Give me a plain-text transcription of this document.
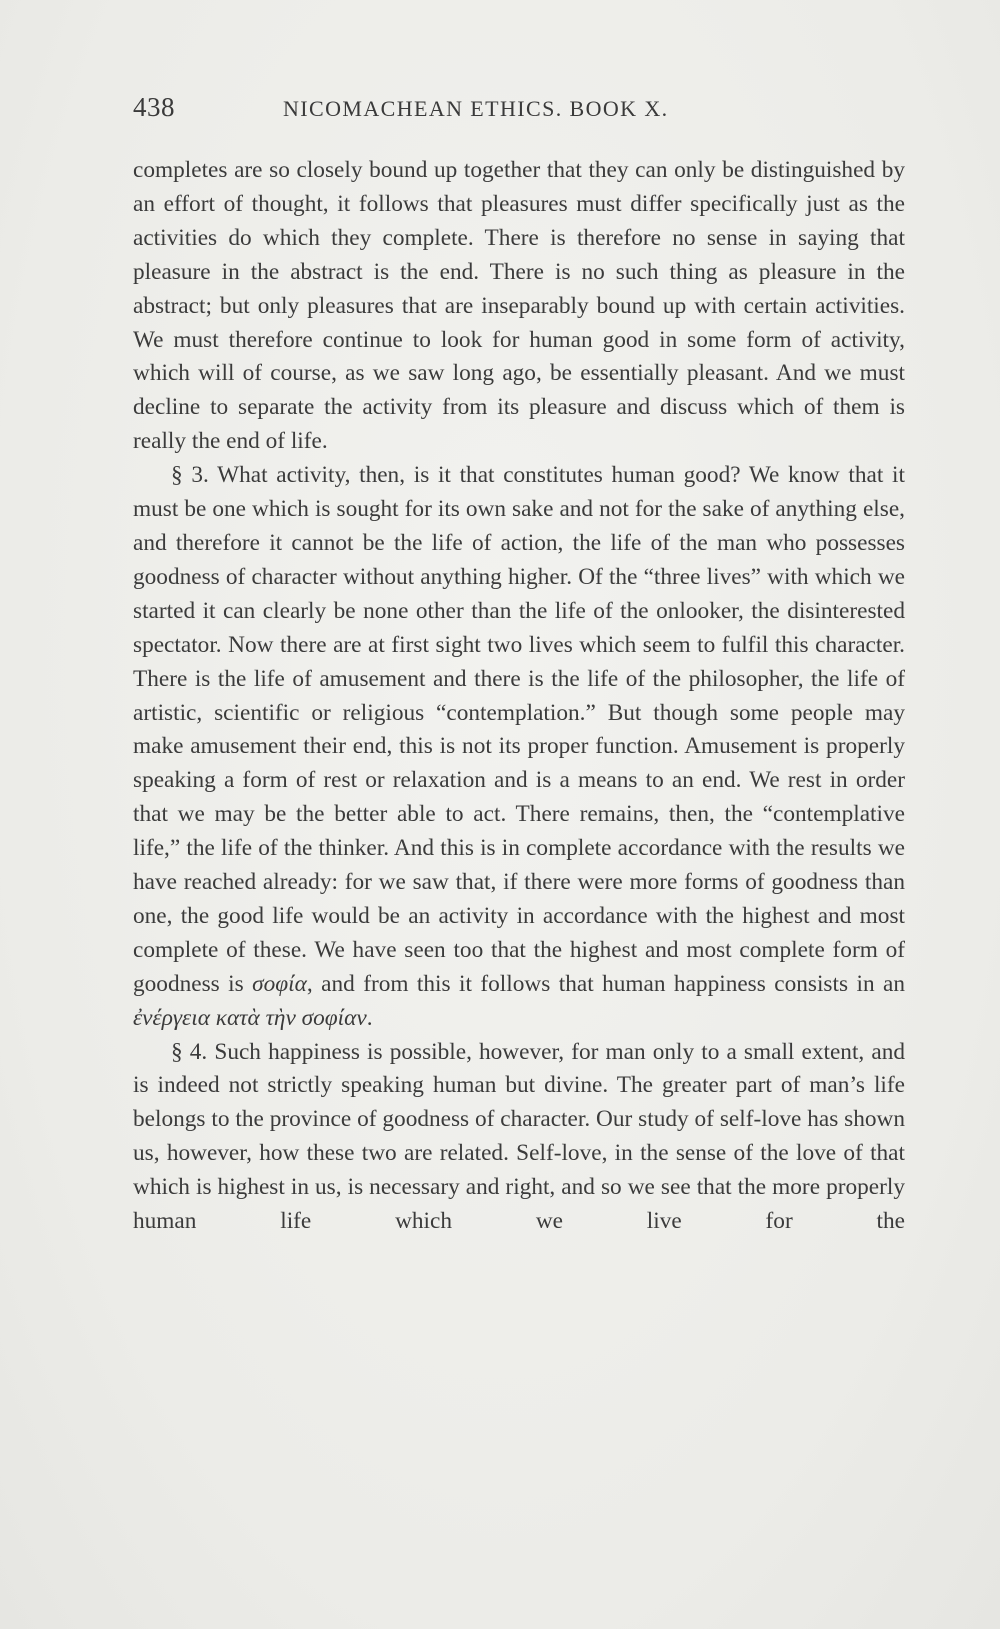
438	NICOMACHEAN ETHICS. BOOK X.

completes are so closely bound up together that they can only be distinguished by an effort of thought, it follows that pleasures must differ specifically just as the activities do which they complete. There is therefore no sense in saying that pleasure in the abstract is the end. There is no such thing as pleasure in the abstract; but only pleasures that are inseparably bound up with certain activities. We must therefore continue to look for human good in some form of activity, which will of course, as we saw long ago, be essentially pleasant. And we must decline to separate the activity from its pleasure and discuss which of them is really the end of life.

§ 3. What activity, then, is it that constitutes human good? We know that it must be one which is sought for its own sake and not for the sake of anything else, and therefore it cannot be the life of action, the life of the man who possesses goodness of character without anything higher. Of the “three lives” with which we started it can clearly be none other than the life of the onlooker, the disinterested spectator. Now there are at first sight two lives which seem to fulfil this character. There is the life of amusement and there is the life of the philosopher, the life of artistic, scientific or religious “contemplation.” But though some people may make amusement their end, this is not its proper function. Amusement is properly speaking a form of rest or relaxation and is a means to an end. We rest in order that we may be the better able to act. There remains, then, the “contemplative life,” the life of the thinker. And this is in complete accordance with the results we have reached already: for we saw that, if there were more forms of goodness than one, the good life would be an activity in accordance with the highest and most complete of these. We have seen too that the highest and most complete form of goodness is σοφία, and from this it follows that human happiness consists in an ἐνέργεια κατὰ τὴν σοφίαν.

§ 4. Such happiness is possible, however, for man only to a small extent, and is indeed not strictly speaking human but divine. The greater part of man’s life belongs to the province of goodness of character. Our study of self-love has shown us, however, how these two are related. Self-love, in the sense of the love of that which is highest in us, is necessary and right, and so we see that the more properly human life which we live for the
